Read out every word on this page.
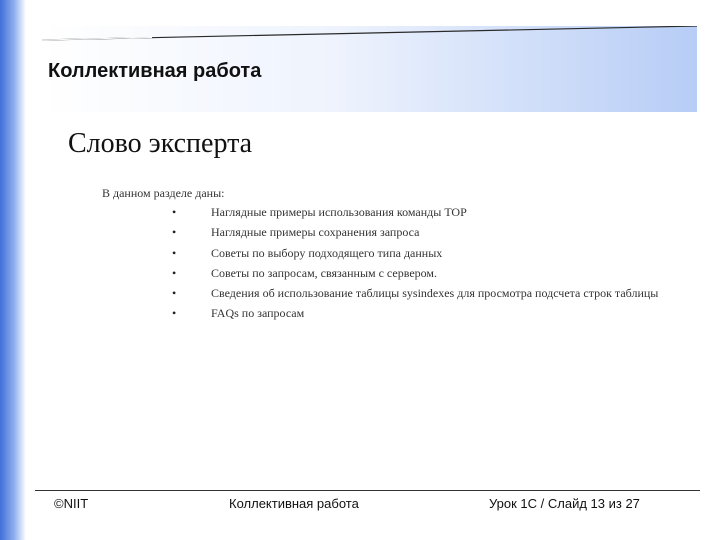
Коллективная работа
Слово эксперта
В данном разделе даны:
•	Наглядные примеры использования команды TOP
•	Наглядные примеры сохранения запроса
•	Советы по выбору подходящего типа данных
•	Советы по запросам, связанным с сервером.
•	Сведения об использование таблицы sysindexes для просмотра подсчета строк таблицы
•	FAQs по запросам
©NIIT	Коллективная работа	Урок 1C / Слайд 13 из 27
